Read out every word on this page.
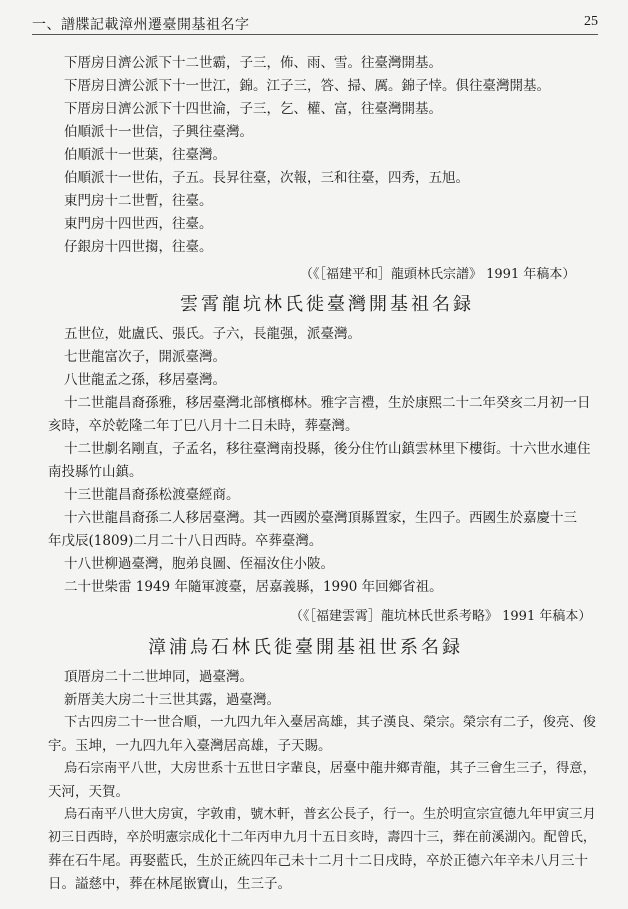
一、譜牒記載漳州遷臺開基祖名字	25

下厝房日濟公派下十二世霸，子三，佈、雨、雪。往臺灣開基。

下厝房日濟公派下十一世江，錦。江子三，答、掃、厲。錦子悻。俱往臺灣開基。

下厝房日濟公派下十四世淪，子三，乞、權、富，往臺灣開基。

伯順派十一世信，子興往臺灣。

伯順派十一世葉，往臺灣。

伯順派十一世佑，子五。長昇往臺，次報，三和往臺，四秀，五旭。

東門房十二世暫，往臺。

東門房十四世西，往臺。

仔銀房十四世搊，往臺。

（《［福建平和］龍頭林氏宗譜》 1991 年稿本）

雲霄龍坑林氏徙臺灣開基祖名録

五世位，妣盧氏、張氏。子六，長龍强，派臺灣。

七世龍富次子，開派臺灣。

八世龍孟之孫，移居臺灣。

十二世龍昌裔孫雅，移居臺灣北部檳榔林。雅字言禮，生於康熙二十二年癸亥二月初一日

亥時，卒於乾隆二年丁巳八月十二日未時，葬臺灣。

十二世劇名剛直，子孟名，移往臺灣南投縣，後分住竹山鎮雲林里下樓街。十六世水連住

南投縣竹山鎮。

十三世龍昌裔孫松渡臺經商。

十六世龍昌裔孫二人移居臺灣。其一西國於臺灣頂縣置家，生四子。西國生於嘉慶十三

年戊辰(1809)二月二十八日西時。卒葬臺灣。

十八世柳過臺灣，胞弟良圖、侄福汝住小陂。

二十世柴雷 1949 年隨軍渡臺，居嘉義縣，1990 年回鄉省祖。

（《［福建雲霄］龍坑林氏世系考略》 1991 年稿本）

漳浦烏石林氏徙臺開基祖世系名録

頂厝房二十二世坤同，過臺灣。

新厝美大房二十三世其露，過臺灣。

下古四房二十一世合順，一九四九年入臺居高雄，其子漢良、榮宗。榮宗有二子，俊亮、俊

宇。玉坤，一九四九年入臺灣居高雄，子天賜。

烏石宗南平八世，大房世系十五世日字輩良，居臺中龍井鄉青龍，其子三會生三子，得意，

天河，天賀。

烏石南平八世大房寅，字敦甫，號木軒，普玄公長子，行一。生於明宣宗宣德九年甲寅三月

初三日西時，卒於明憲宗成化十二年丙申九月十五日亥時，壽四十三，葬在前溪湖內。配曾氏，

葬在石牛尾。再娶藍氏，生於正統四年己未十二月十二日戌時，卒於正德六年辛未八月三十

日。謚慈中，葬在林尾嵌寶山，生三子。
